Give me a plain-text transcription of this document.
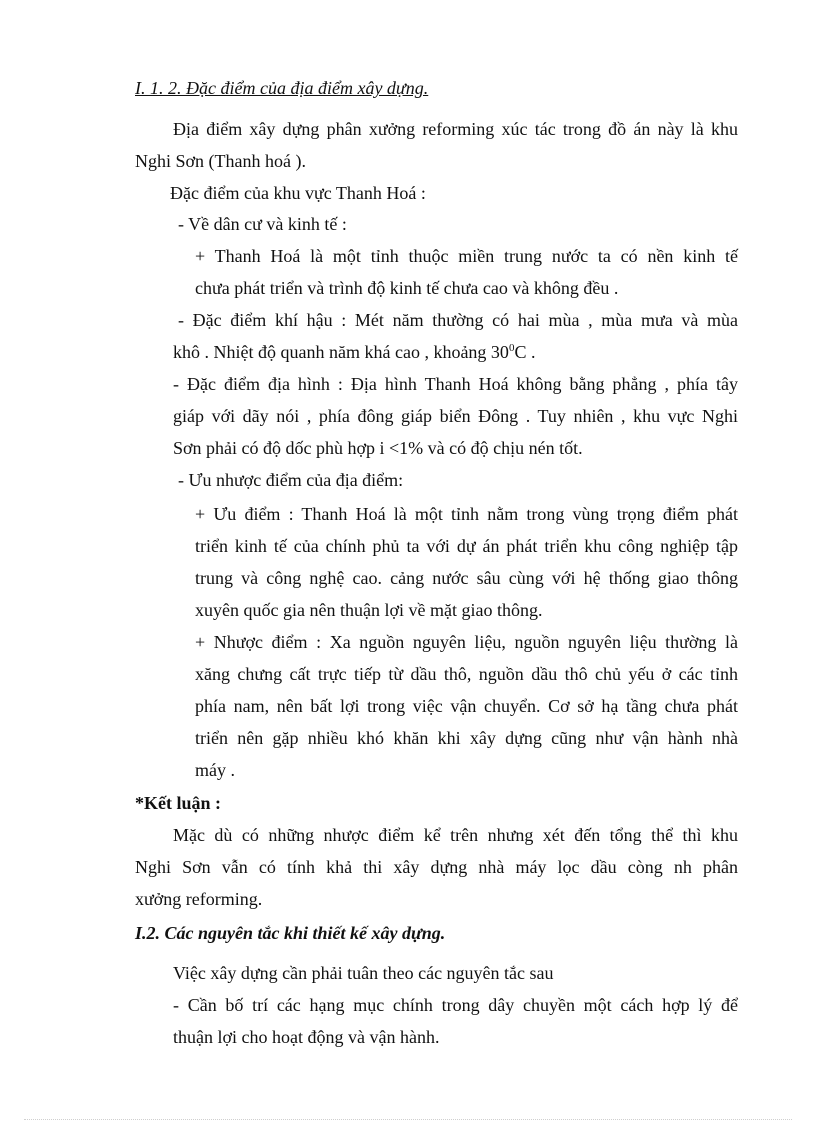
I. 1. 2. Đặc điểm của địa điểm xây dựng.
Địa điểm xây dựng phân xưởng reforming xúc tác trong đồ án này là khu
Nghi Sơn (Thanh hoá ).
Đặc điểm của khu vực Thanh Hoá :
- Về dân cư và kinh tế :
+ Thanh Hoá là một tỉnh thuộc miền trung nước ta có nền kinh tế
chưa phát triển và trình độ kinh tế chưa cao và không đều .
- Đặc điểm khí hậu : Mét năm thường có hai mùa , mùa mưa và mùa
khô . Nhiệt độ quanh năm khá cao , khoảng $30^0C$ .
- Đặc điểm địa hình : Địa hình Thanh Hoá không bằng phẳng , phía tây
giáp với dãy nói , phía đông giáp biển Đông . Tuy nhiên , khu vực Nghi
Sơn phải có độ dốc phù hợp i <1% và có độ chịu nén tốt.
- Ưu nhược điểm của địa điểm:
+ Ưu điểm : Thanh Hoá là một tỉnh nằm trong vùng trọng điểm phát
triển kinh tế của chính phủ ta với dự án phát triển khu công nghiệp tập
trung và công nghệ cao. cảng nước sâu cùng với hệ thống giao thông
xuyên quốc gia nên thuận lợi về mặt giao thông.
+ Nhược điểm : Xa nguồn nguyên liệu, nguồn nguyên liệu thường là
xăng chưng cất trực tiếp từ dầu thô, nguồn dầu thô chủ yếu ở các tỉnh
phía nam, nên bất lợi trong việc vận chuyển. Cơ sở hạ tầng chưa phát
triển nên gặp nhiều khó khăn khi xây dựng cũng như vận hành nhà
máy .
*Kết luận :
Mặc dù có những nhược điểm kể trên nhưng xét đến tổng thể thì khu
Nghi Sơn vẫn có tính khả thi xây dựng nhà máy lọc dầu còng nh phân
xưởng reforming.
I.2. Các nguyên tắc khi thiết kế xây dựng.
Việc xây dựng cần phải tuân theo các nguyên tắc sau
- Cần bố trí các hạng mục chính trong dây chuyền một cách hợp lý để
thuận lợi cho hoạt động và vận hành.
